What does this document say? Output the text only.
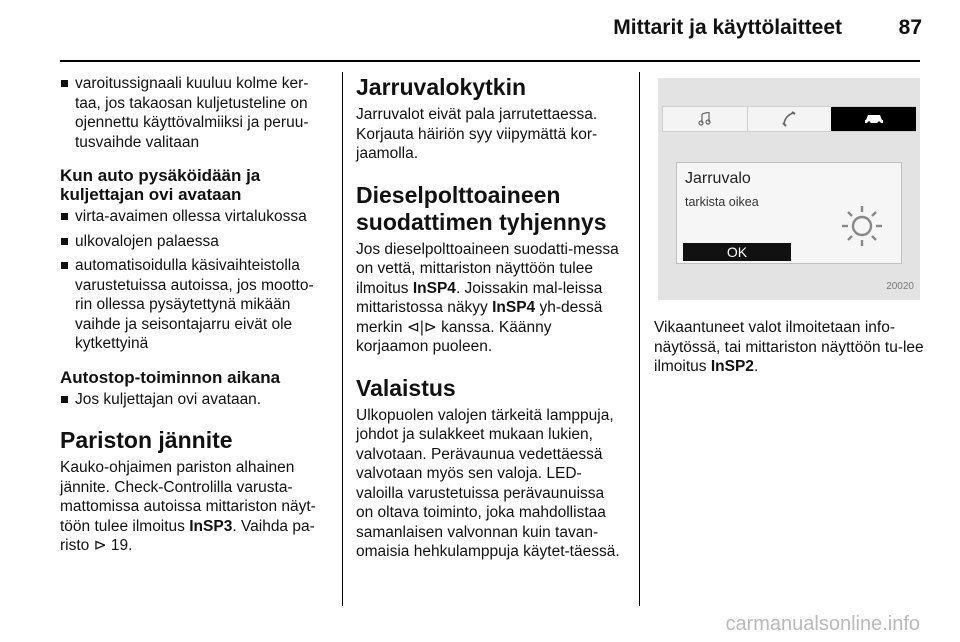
Mittarit ja käyttölaitteet	87
varoitussignaali kuuluu kolme ker-taa, jos takaosan kuljetusteline on ojennettu käyttövalmiiksi ja peruu-tusvaihde valitaan
Kun auto pysäköidään ja kuljettajan ovi avataan
virta-avaimen ollessa virtalukossa
ulkovalojen palaessa
automatisoidulla käsivaihteistolla varustetuissa autoissa, jos mootto-rin ollessa pysäytettynä mikään vaihde ja seisontajarru eivät ole kytkettyinä
Autostop-toiminnon aikana
Jos kuljettajan ovi avataan.
Pariston jännite

Kauko-ohjaimen pariston alhainen jännite. Check-Controlilla varusta-mattomissa autoissa mittariston näyt-töön tulee ilmoitus InSP3. Vaihda pa-risto ⊳ 19.

Jarruvalokytkin

Jarruvalot eivät pala jarrutettaessa. Korjauta häiriön syy viipymättä kor-jaamolla.

Dieselpolttoaineen suodattimen tyhjennys

Jos dieselpolttoaineen suodatti-messa on vettä, mittariston näyttöön tulee ilmoitus InSP4. Joissakin mal-leissa mittaristossa näkyy InSP4 yh-dessä merkin ⊲|⊳ kanssa. Käänny korjaamon puoleen.

Valaistus

Ulkopuolen valojen tärkeitä lamppuja, johdot ja sulakkeet mukaan lukien, valvotaan. Perävaunua vedettäessä valvotaan myös sen valoja. LED-valoilla varustetuissa perävaunuissa on oltava toiminto, joka mahdollistaa samanlaisen valvonnan kuin tavan-omaisia hehkulamppuja käytet-täessä.

Jarruvalo
tarkista oikea
OK
20020

Vikaantuneet valot ilmoitetaan info-näytössä, tai mittariston näyttöön tu-lee ilmoitus InSP2.

carmanualsonline.info
